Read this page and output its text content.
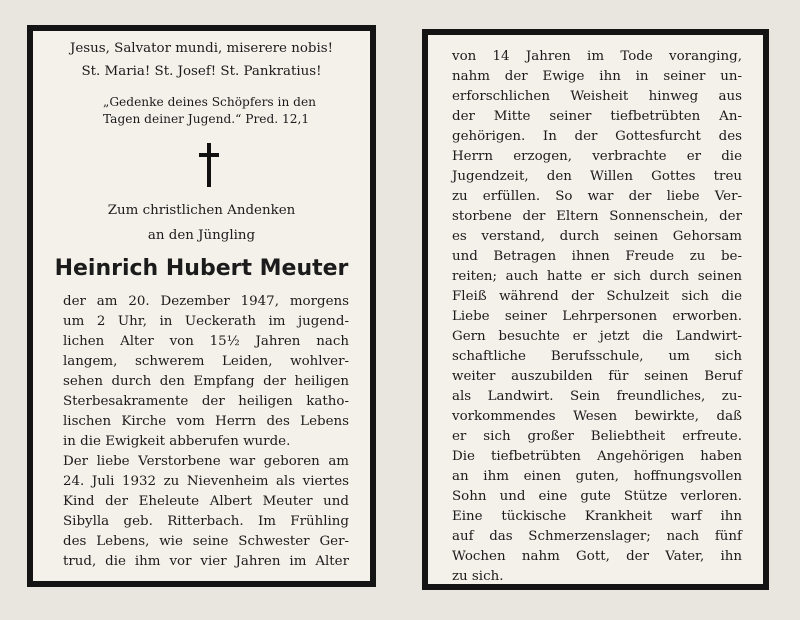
Jesus, Salvator mundi, miserere nobis!
St. Maria! St. Josef! St. Pankratius!
„Gedenke deines Schöpfers in den
Tagen deiner Jugend.“ Pred. 12,1
Zum christlichen Andenken
an den Jüngling
Heinrich Hubert Meuter
der am 20. Dezember 1947, morgens
um 2 Uhr, in Ueckerath im jugend-
lichen Alter von 15½ Jahren nach
langem, schwerem Leiden, wohlver-
sehen durch den Empfang der heiligen
Sterbesakramente der heiligen katho-
lischen Kirche vom Herrn des Lebens
in die Ewigkeit abberufen wurde.
Der liebe Verstorbene war geboren am
24. Juli 1932 zu Nievenheim als viertes
Kind der Eheleute Albert Meuter und
Sibylla geb. Ritterbach. Im Frühling
des Lebens, wie seine Schwester Ger-
trud, die ihm vor vier Jahren im Alter
von 14 Jahren im Tode voranging,
nahm der Ewige ihn in seiner un-
erforschlichen Weisheit hinweg aus
der Mitte seiner tiefbetrübten An-
gehörigen. In der Gottesfurcht des
Herrn erzogen, verbrachte er die
Jugendzeit, den Willen Gottes treu
zu erfüllen. So war der liebe Ver-
storbene der Eltern Sonnenschein, der
es verstand, durch seinen Gehorsam
und Betragen ihnen Freude zu be-
reiten; auch hatte er sich durch seinen
Fleiß während der Schulzeit sich die
Liebe seiner Lehrpersonen erworben.
Gern besuchte er jetzt die Landwirt-
schaftliche Berufsschule, um sich
weiter auszubilden für seinen Beruf
als Landwirt. Sein freundliches, zu-
vorkommendes Wesen bewirkte, daß
er sich großer Beliebtheit erfreute.
Die tiefbetrübten Angehörigen haben
an ihm einen guten, hoffnungsvollen
Sohn und eine gute Stütze verloren.
Eine tückische Krankheit warf ihn
auf das Schmerzenslager; nach fünf
Wochen nahm Gott, der Vater, ihn
zu sich.
